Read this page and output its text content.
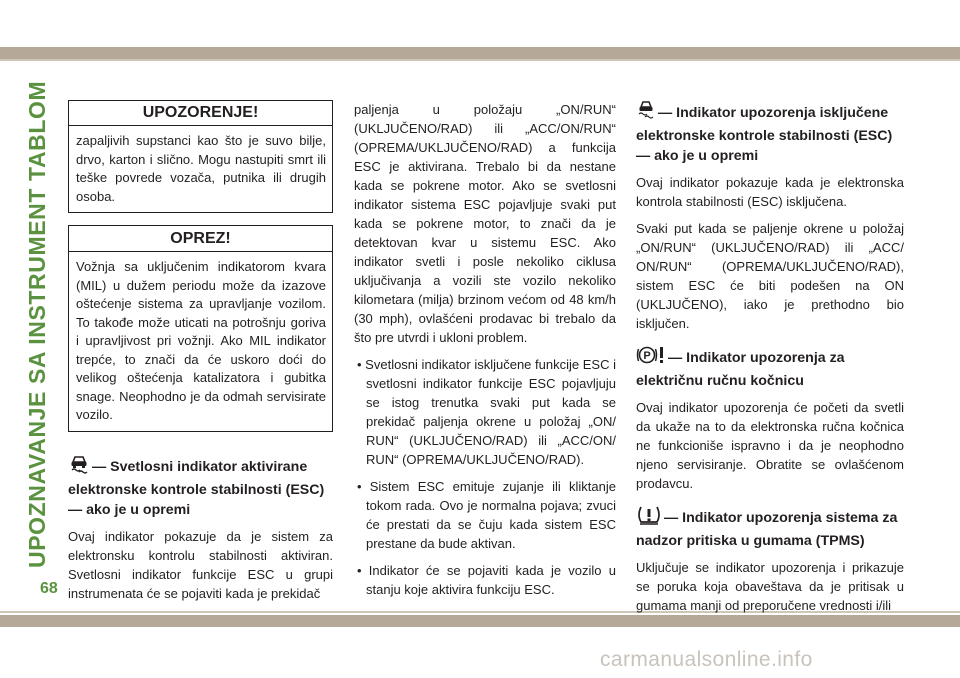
UPOZNAVANJE SA INSTRUMENT TABLOM
68
UPOZORENJE!
zapaljivih supstanci kao što je suvo bilje, drvo, karton i slično. Mogu nastupiti smrt ili teške povrede vozača, putnika ili drugih osoba.
OPREZ!
Vožnja sa uključenim indikatorom kvara (MIL) u dužem periodu može da izazove oštećenje sistema za upravljanje vozilom. To takođe može uticati na potrošnju goriva i upravljivost pri vožnji. Ako MIL indikator trepće, to znači da će uskoro doći do velikog oštećenja katalizatora i gubitka snage. Neophodno je da odmah servisirate vozilo.
— Svetlosni indikator aktivirane elektronske kontrole stabilnosti (ESC) — ako je u opremi
Ovaj indikator pokazuje da je sistem za elektronsku kontrolu stabilnosti aktiviran. Svetlosni indikator funkcije ESC u grupi instrumenata će se pojaviti kada je prekidač
paljenja u položaju „ON/RUN“ (UKLJUČENO/RAD) ili „ACC/ON/RUN“ (OPREMA/UKLJUČENO/RAD) a funkcija ESC je aktivirana. Trebalo bi da nestane kada se pokrene motor. Ako se svetlosni indikator sistema ESC pojavljuje svaki put kada se pokrene motor, to znači da je detektovan kvar u sistemu ESC. Ako indikator svetli i posle nekoliko ciklusa uključivanja a vozili ste vozilo nekoliko kilometara (milja) brzinom većom od 48 km/h (30 mph), ovlašćeni prodavac bi trebalo da što pre utvrdi i ukloni problem.
• Svetlosni indikator isključene funkcije ESC i svetlosni indikator funkcije ESC pojavljuju se istog trenutka svaki put kada se prekidač paljenja okrene u položaj „ON/ RUN“ (UKLJUČENO/RAD) ili „ACC/ON/ RUN“ (OPREMA/UKLJUČENO/RAD).
• Sistem ESC emituje zujanje ili kliktanje tokom rada. Ovo je normalna pojava; zvuci će prestati da se čuju kada sistem ESC prestane da bude aktivan.
• Indikator će se pojaviti kada je vozilo u stanju koje aktivira funkciju ESC.
— Indikator upozorenja isključene elektronske kontrole stabilnosti (ESC) — ako je u opremi
Ovaj indikator pokazuje kada je elektronska kontrola stabilnosti (ESC) isključena.
Svaki put kada se paljenje okrene u položaj „ON/RUN“ (UKLJUČENO/RAD) ili „ACC/ ON/RUN“ (OPREMA/UKLJUČENO/RAD), sistem ESC će biti podešen na ON (UKLJUČENO), iako je prethodno bio isključen.
P — Indikator upozorenja za električnu ručnu kočnicu
Ovaj indikator upozorenja će početi da svetli da ukaže na to da elektronska ručna kočnica ne funkcioniše ispravno i da je neophodno njeno servisiranje. Obratite se ovlašćenom prodavcu.
— Indikator upozorenja sistema za nadzor pritiska u gumama (TPMS)
Uključuje se indikator upozorenja i prikazuje se poruka koja obaveštava da je pritisak u gumama manji od preporučene vrednosti i/ili
carmanualsonline.info
